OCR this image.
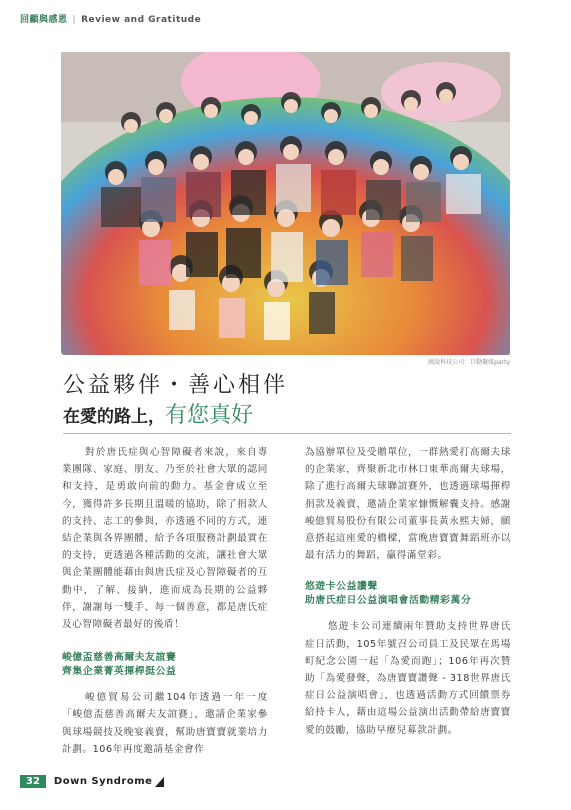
回顧與感恩 | Review and Gratitude
圖說科技公司：巨動聚媒party
公益夥伴・善心相伴
在愛的路上，有您真好

對於唐氏症與心智障礙者來說，來自專業團隊、家庭、朋友、乃至於社會大眾的認同和支持，是勇敢向前的動力。基金會成立至今，獲得許多長期且溫暖的協助，除了捐款人的支持、志工的參與，亦透過不同的方式，連結企業與各界團體，給予各項服務計劃最實在的支持，更透過各種活動的交流，讓社會大眾與企業團體能藉由與唐氏症及心智障礙者的互動中，了解、接納，進而成為長期的公益夥伴，謝謝每一雙手、每一個善意，都是唐氏症及心智障礙者最好的後盾！

峻億盃慈善高爾夫友誼賽
齊集企業菁英揮桿挺公益

峻億貿易公司繼104年透過一年一度「峻億盃慈善高爾夫友誼賽」，邀請企業家參與球場競技及晚宴義賣，幫助唐寶寶就業培力計劃。106年再度邀請基金會作

為協辦單位及受贈單位，一群熱愛打高爾夫球的企業家，齊聚新北市林口東華高爾夫球場，除了進行高爾夫球聯誼賽外，也透過球場揮桿捐款及義賣，邀請企業家慷慨解囊支持。感謝峻億貿易股份有限公司董事長黃永熙夫婦，願意搭起這座愛的橋樑，當晚唐寶寶舞蹈班亦以最有活力的舞蹈，贏得滿堂彩。

悠遊卡公益讚聲
助唐氏症日公益演唱會活動精彩萬分

悠遊卡公司連續兩年贊助支持世界唐氏症日活動，105年號召公司員工及民眾在馬場町紀念公園一起「為愛而跑」；106年再次贊助「為愛發聲，為唐寶寶讚聲 - 318世界唐氏症日公益演唱會」，也透過活動方式回饋票券給持卡人，藉由這場公益演出活動帶給唐寶寶愛的鼓勵，協助早療兒募款計劃。

32	Down Syndrome
